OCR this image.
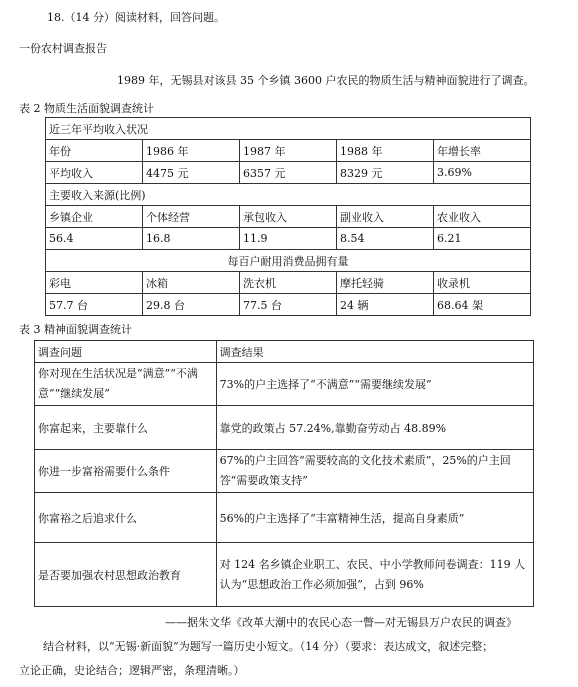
18.（14 分）阅读材料，回答问题。
一份农村调查报告
1989 年，无锡县对该县 35 个乡镇 3600 户农民的物质生活与精神面貌进行了调查。
表 2 物质生活面貌调查统计
近三年平均收入状况				
年份	1986 年	1987 年	1988 年	年增长率
平均收入	4475 元	6357 元	8329 元	3.69%
主要收入来源(比例)				
乡镇企业	个体经营	承包收入	副业收入	农业收入
56.4	16.8	11.9	8.54	6.21
每百户耐用消费品拥有量				
彩电	冰箱	洗衣机	摩托轻骑	收录机
57.7 台	29.8 台	77.5 台	24 辆	68.64 架
表 3 精神面貌调查统计
调查问题	调查结果
你对现在生活状况是“满意”“不满意”“继续发展”	73%的户主选择了“不满意”“需要继续发展”
你富起来，主要靠什么	靠党的政策占 57.24%,靠勤奋劳动占 48.89%
你进一步富裕需要什么条件	67%的户主回答“需要较高的文化技术素质”，25%的户主回答“需要政策支持”
你富裕之后追求什么	56%的户主选择了“丰富精神生活，提高自身素质”
是否要加强农村思想政治教育	对 124 名乡镇企业职工、农民、中小学教师问卷调查：119 人认为“思想政治工作必须加强”，占到 96%
——据朱文华《改革大潮中的农民心态一瞥—对无锡县万户农民的调查》
结合材料，以“无锡·新面貌”为题写一篇历史小短文。（14 分）（要求：表达成文，叙述完整；
立论正确，史论结合；逻辑严密，条理清晰。）
